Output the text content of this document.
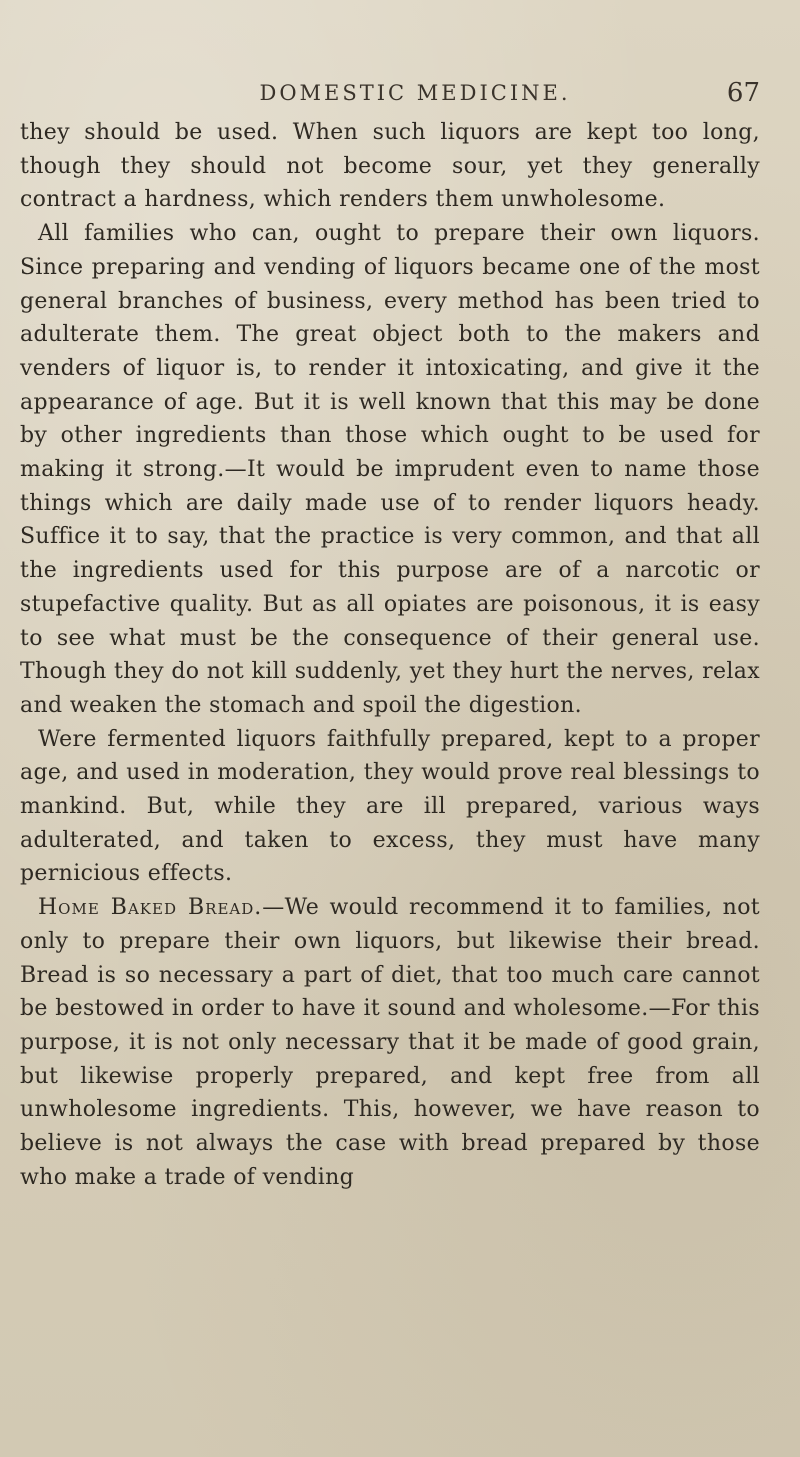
DOMESTIC MEDICINE.	67

they should be used. When such liquors are kept too long, though they should not become sour, yet they generally contract a hardness, which renders them unwholesome.

All families who can, ought to prepare their own liquors. Since preparing and vending of liquors became one of the most general branches of business, every method has been tried to adulterate them. The great object both to the makers and venders of liquor is, to render it intoxicating, and give it the appearance of age. But it is well known that this may be done by other ingredients than those which ought to be used for making it strong.—It would be imprudent even to name those things which are daily made use of to render liquors heady. Suffice it to say, that the practice is very common, and that all the ingredients used for this purpose are of a narcotic or stupefactive quality. But as all opiates are poisonous, it is easy to see what must be the consequence of their general use. Though they do not kill suddenly, yet they hurt the nerves, relax and weaken the stomach and spoil the digestion.

Were fermented liquors faithfully prepared, kept to a proper age, and used in moderation, they would prove real blessings to mankind. But, while they are ill prepared, various ways adulterated, and taken to excess, they must have many pernicious effects.

Home Baked Bread.—We would recommend it to families, not only to prepare their own liquors, but likewise their bread. Bread is so necessary a part of diet, that too much care cannot be bestowed in order to have it sound and wholesome.—For this purpose, it is not only necessary that it be made of good grain, but likewise properly prepared, and kept free from all unwholesome ingredients. This, however, we have reason to believe is not always the case with bread prepared by those who make a trade of vending
